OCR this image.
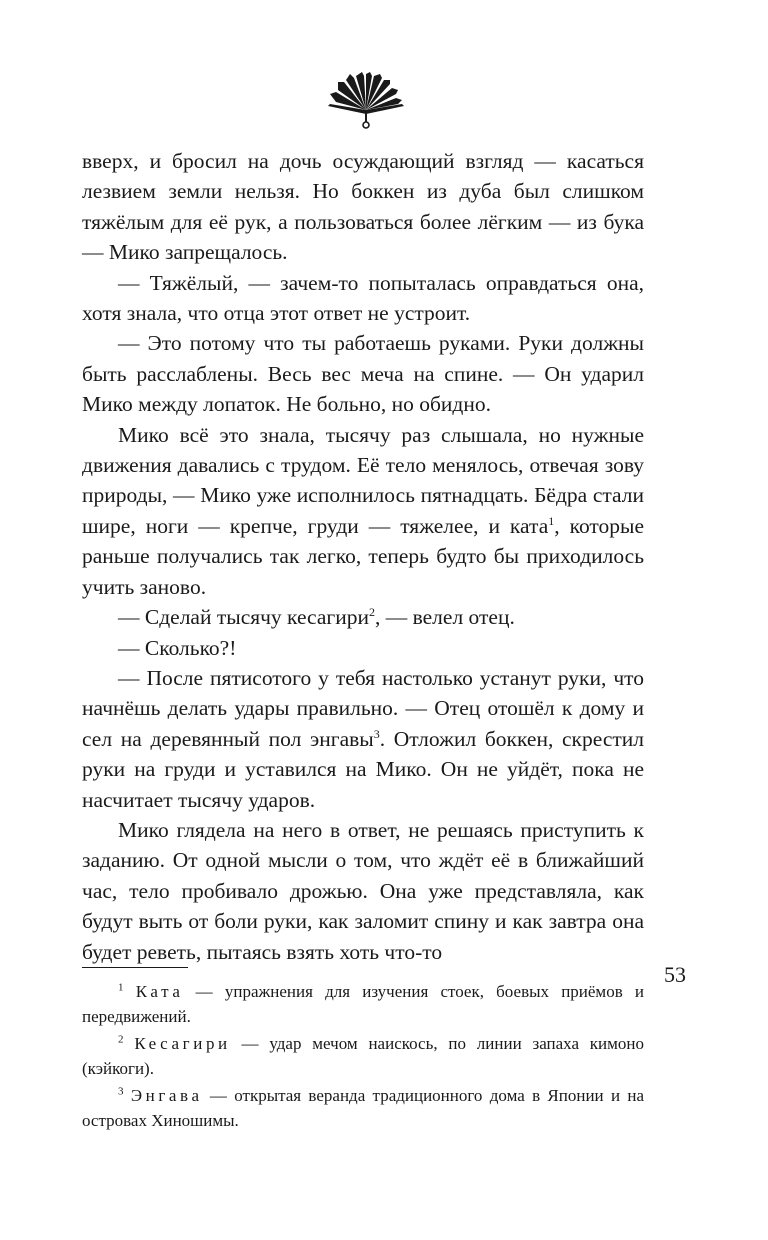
вверх, и бросил на дочь осуждающий взгляд — касаться лезвием земли нельзя. Но боккен из дуба был слишком тяжёлым для её рук, а пользоваться более лёгким — из бука — Мико запрещалось.

— Тяжёлый, — зачем-то попыталась оправдаться она, хотя знала, что отца этот ответ не устроит.

— Это потому что ты работаешь руками. Руки должны быть расслаблены. Весь вес меча на спине. — Он ударил Мико между лопаток. Не больно, но обидно.

Мико всё это знала, тысячу раз слышала, но нужные движения давались с трудом. Её тело менялось, отвечая зову природы, — Мико уже исполнилось пятнадцать. Бёдра стали шире, ноги — крепче, груди — тяжелее, и ката$^1$, которые раньше получались так легко, теперь будто бы приходилось учить заново.

— Сделай тысячу кесагири$^2$, — велел отец.

— Сколько?!

— После пятисотого у тебя настолько устанут руки, что начнёшь делать удары правильно. — Отец отошёл к дому и сел на деревянный пол энгавы$^3$. Отложил боккен, скрестил руки на груди и уставился на Мико. Он не уйдёт, пока не насчитает тысячу ударов.

Мико глядела на него в ответ, не решаясь приступить к заданию. От одной мысли о том, что ждёт её в ближайший час, тело пробивало дрожью. Она уже представляла, как будут выть от боли руки, как заломит спину и как завтра она будет реветь, пытаясь взять хоть что-то

53

$^1$ Ката — упражнения для изучения стоек, боевых приёмов и передвижений.

$^2$ Кесагири — удар мечом наискось, по линии запаха кимоно (кэйкоги).

$^3$ Энгава — открытая веранда традиционного дома в Японии и на островах Хиношимы.
